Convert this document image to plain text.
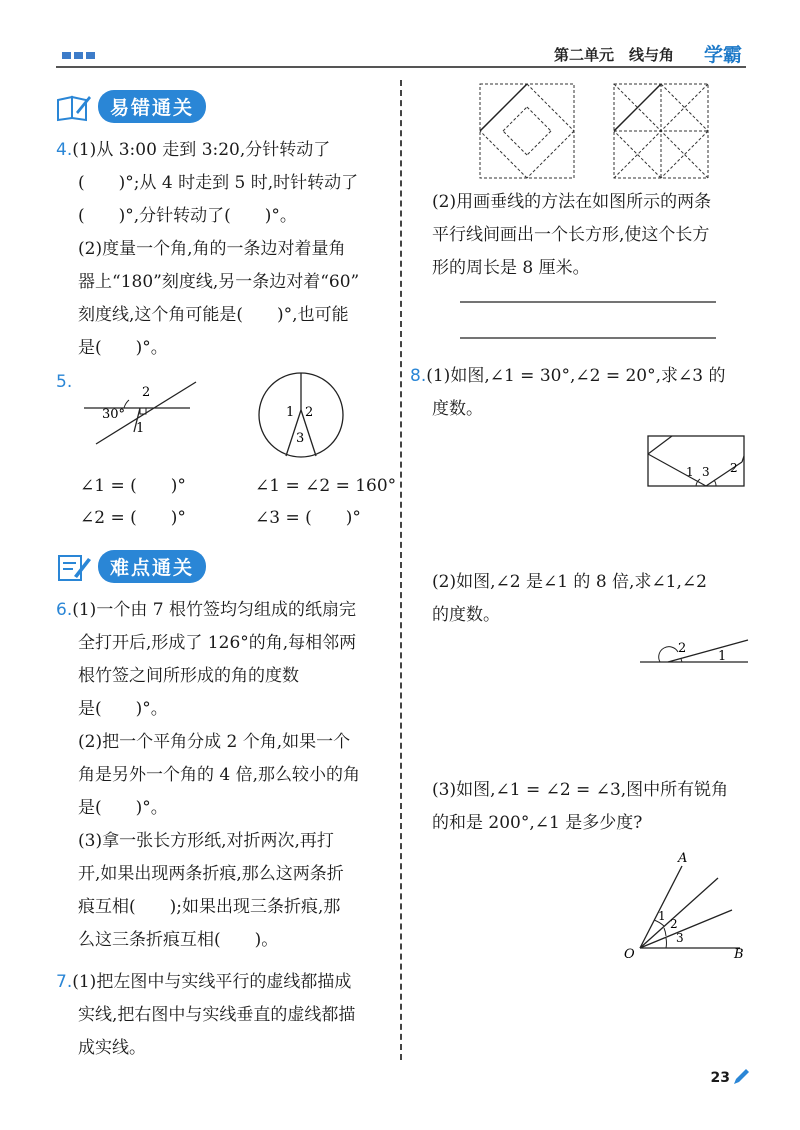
第二单元　线与角 学霸
易错通关
4.(1)从 3:00 走到 3:20,分针转动了
(　　)°;从 4 时走到 5 时,时针转动了
(　　)°,分针转动了(　　)°。
(2)度量一个角,角的一条边对着量角
器上“180”刻度线,另一条边对着“60”
刻度线,这个角可能是(　　)°,也可能
是(　　)°。
5.
30°
2
1
1 2
3
∠1 = (　　)°
∠2 = (　　)°
∠1 = ∠2 = 160°
∠3 = (　　)°
难点通关
6.(1)一个由 7 根竹签均匀组成的纸扇完
全打开后,形成了 126°的角,每相邻两
根竹签之间所形成的角的度数
是(　　)°。
(2)把一个平角分成 2 个角,如果一个
角是另外一个角的 4 倍,那么较小的角
是(　　)°。
(3)拿一张长方形纸,对折两次,再打
开,如果出现两条折痕,那么这两条折
痕互相(　　);如果出现三条折痕,那
么这三条折痕互相(　　)。
7.(1)把左图中与实线平行的虚线都描成
实线,把右图中与实线垂直的虚线都描
成实线。
(2)用画垂线的方法在如图所示的两条
平行线间画出一个长方形,使这个长方
形的周长是 8 厘米。
8.(1)如图,∠1 = 30°,∠2 = 20°,求∠3 的
度数。
1 3 2
(2)如图,∠2 是∠1 的 8 倍,求∠1,∠2
的度数。
2
1
(3)如图,∠1 = ∠2 = ∠3,图中所有锐角
的和是 200°,∠1 是多少度?
A
O	B
1
2
3
23
